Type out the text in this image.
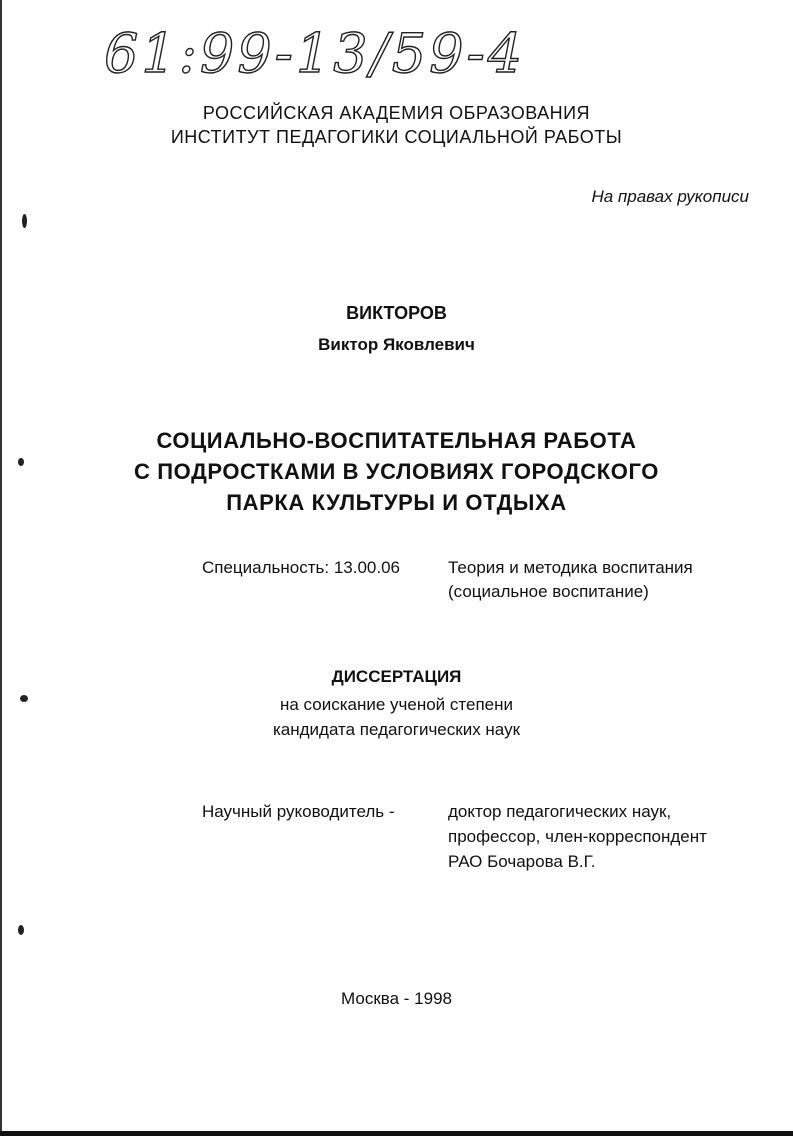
61:99-13/59-4
РОССИЙСКАЯ АКАДЕМИЯ ОБРАЗОВАНИЯ
ИНСТИТУТ ПЕДАГОГИКИ СОЦИАЛЬНОЙ РАБОТЫ
На правах рукописи
ВИКТОРОВ
Виктор Яковлевич
СОЦИАЛЬНО-ВОСПИТАТЕЛЬНАЯ РАБОТА
С ПОДРОСТКАМИ В УСЛОВИЯХ ГОРОДСКОГО
ПАРКА КУЛЬТУРЫ И ОТДЫХА
Специальность: 13.00.06	Теория и методика воспитания
(социальное воспитание)
ДИССЕРТАЦИЯ
на соискание ученой степени
кандидата педагогических наук
Научный руководитель -	доктор педагогических наук,
профессор, член-корреспондент
РАО Бочарова В.Г.
Москва - 1998
